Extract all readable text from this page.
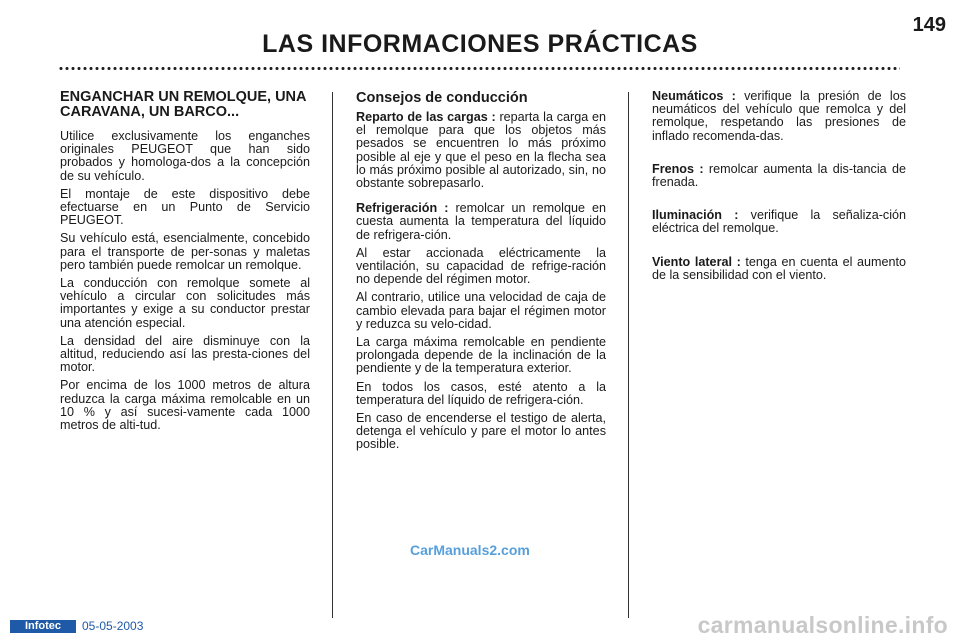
149
LAS INFORMACIONES PRÁCTICAS
ENGANCHAR UN REMOLQUE, UNA CARAVANA, UN BARCO...

Utilice exclusivamente los enganches originales PEUGEOT que han sido probados y homologa-dos a la concepción de su vehículo.

El montaje de este dispositivo debe efectuarse en un Punto de Servicio PEUGEOT.

Su vehículo está, esencialmente, concebido para el transporte de per-sonas y maletas pero también puede remolcar un remolque.

La conducción con remolque somete al vehículo a circular con solicitudes más importantes y exige a su conductor prestar una atención especial.

La densidad del aire disminuye con la altitud, reduciendo así las presta-ciones del motor.

Por encima de los 1000 metros de altura reduzca la carga máxima remolcable en un 10 % y así sucesi-vamente cada 1000 metros de alti-tud.

Consejos de conducción

Reparto de las cargas : reparta la carga en el remolque para que los objetos más pesados se encuentren lo más próximo posible al eje y que el peso en la flecha sea lo más próximo posible al autorizado, sin, no obstante sobrepasarlo.

Refrigeración : remolcar un remolque en cuesta aumenta la temperatura del líquido de refrigera-ción.

Al estar accionada eléctricamente la ventilación, su capacidad de refrige-ración no depende del régimen motor.

Al contrario, utilice una velocidad de caja de cambio elevada para bajar el régimen motor y reduzca su velo-cidad.

La carga máxima remolcable en pendiente prolongada depende de la inclinación de la pendiente y de la temperatura exterior.

En todos los casos, esté atento a la temperatura del líquido de refrigera-ción.

En caso de encenderse el testigo de alerta, detenga el vehículo y pare el motor lo antes posible.

Neumáticos : verifique la presión de los neumáticos del vehículo que remolca y del remolque, respetando las presiones de inflado recomenda-das.

Frenos : remolcar aumenta la dis-tancia de frenada.

Iluminación : verifique la señaliza-ción eléctrica del remolque.

Viento lateral : tenga en cuenta el aumento de la sensibilidad con el viento.

CarManuals2.com
carmanualsonline.info
Infotec	05-05-2003
